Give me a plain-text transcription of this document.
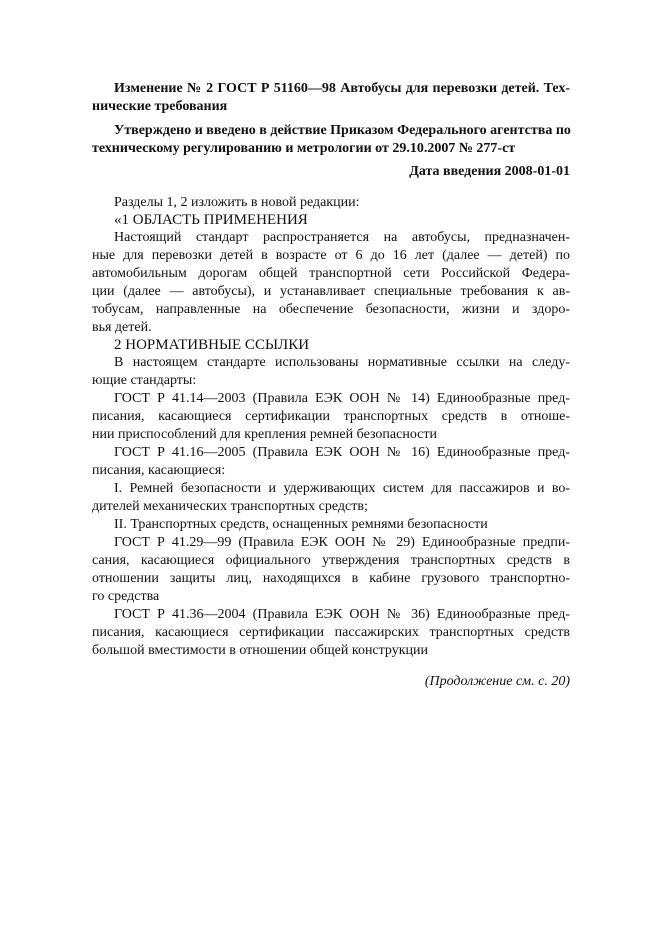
Изменение № 2 ГОСТ Р 51160—98 Автобусы для перевозки детей. Тех-
нические требования
Утверждено и введено в действие Приказом Федерального агентства по
техническому регулированию и метрологии от 29.10.2007 № 277-ст
Дата введения 2008-01-01
Разделы 1, 2 изложить в новой редакции:
«1 ОБЛАСТЬ ПРИМЕНЕНИЯ
Настоящий стандарт распространяется на автобусы, предназначен-
ные для перевозки детей в возрасте от 6 до 16 лет (далее — детей) по
автомобильным дорогам общей транспортной сети Российской Федера-
ции (далее — автобусы), и устанавливает специальные требования к ав-
тобусам, направленные на обеспечение безопасности, жизни и здоро-
вья детей.
2 НОРМАТИВНЫЕ ССЫЛКИ
В настоящем стандарте использованы нормативные ссылки на следу-
ющие стандарты:
ГОСТ Р 41.14—2003 (Правила ЕЭК ООН № 14) Единообразные пред-
писания, касающиеся сертификации транспортных средств в отноше-
нии приспособлений для крепления ремней безопасности
ГОСТ Р 41.16—2005 (Правила ЕЭК ООН № 16) Единообразные пред-
писания, касающиеся:
I. Ремней безопасности и удерживающих систем для пассажиров и во-
дителей механических транспортных средств;
II. Транспортных средств, оснащенных ремнями безопасности
ГОСТ Р 41.29—99 (Правила ЕЭК ООН № 29) Единообразные предпи-
сания, касающиеся официального утверждения транспортных средств в
отношении защиты лиц, находящихся в кабине грузового транспортно-
го средства
ГОСТ Р 41.36—2004 (Правила ЕЭК ООН № 36) Единообразные пред-
писания, касающиеся сертификации пассажирских транспортных средств
большой вместимости в отношении общей конструкции
(Продолжение см. с. 20)
